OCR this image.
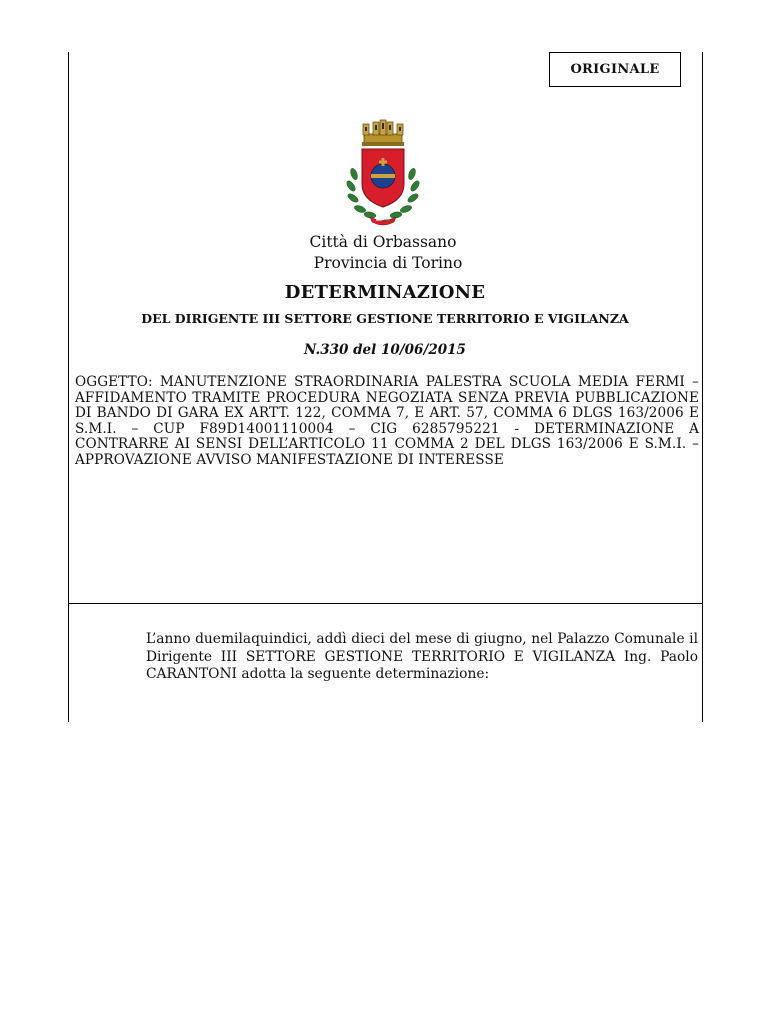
ORIGINALE
Città di Orbassano
Provincia di Torino
DETERMINAZIONE
DEL DIRIGENTE III SETTORE GESTIONE TERRITORIO E VIGILANZA
N.330 del 10/06/2015
OGGETTO: MANUTENZIONE STRAORDINARIA PALESTRA SCUOLA MEDIA FERMI – AFFIDAMENTO TRAMITE PROCEDURA NEGOZIATA SENZA PREVIA PUBBLICAZIONE DI BANDO DI GARA EX ARTT. 122, COMMA 7, E ART. 57, COMMA 6 DLGS 163/2006 E S.M.I. – CUP F89D14001110004 – CIG 6285795221 - DETERMINAZIONE A CONTRARRE AI SENSI DELL’ARTICOLO 11 COMMA 2 DEL DLGS 163/2006 E S.M.I. – APPROVAZIONE AVVISO MANIFESTAZIONE DI INTERESSE
L’anno duemilaquindici, addì dieci del mese di giugno, nel Palazzo Comunale il Dirigente III SETTORE GESTIONE TERRITORIO E VIGILANZA Ing. Paolo CARANTONI adotta la seguente determinazione:
